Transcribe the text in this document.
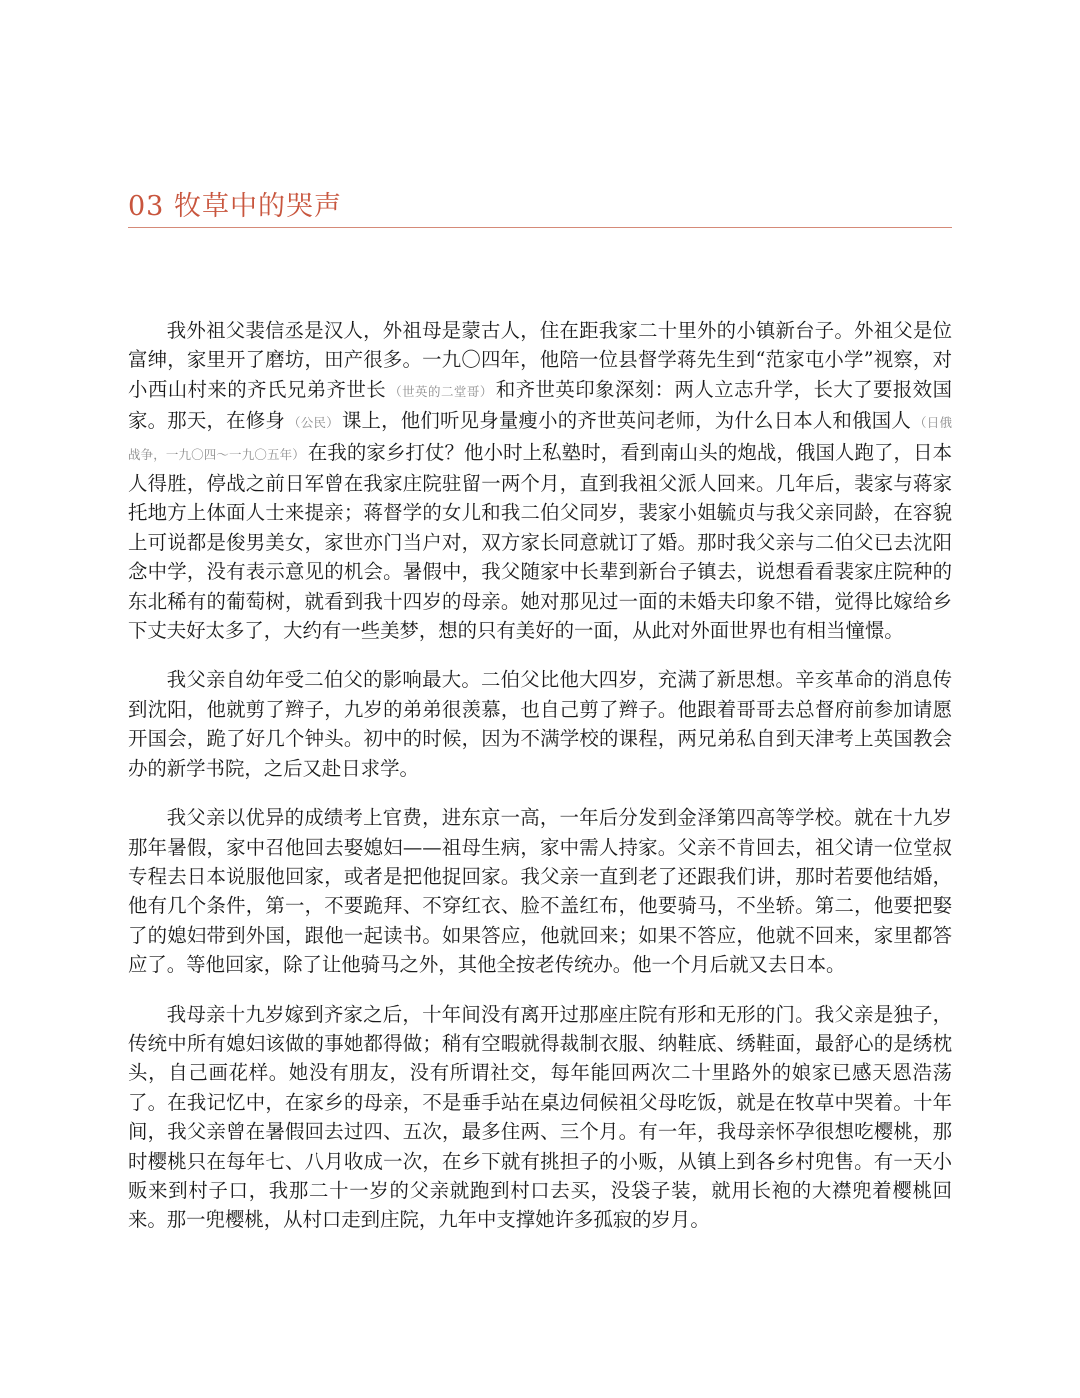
03 牧草中的哭声

我外祖父裴信丞是汉人，外祖母是蒙古人，住在距我家二十里外的小镇新台子。外祖父是位富绅，家里开了磨坊，田产很多。一九〇四年，他陪一位县督学蒋先生到“范家屯小学”视察，对小西山村来的齐氏兄弟齐世长 （世英的二堂哥） 和齐世英印象深刻：两人立志升学，长大了要报效国家。那天，在修身 （公民） 课上，他们听见身量瘦小的齐世英问老师，为什么日本人和俄国人 （日俄战争，一九〇四～一九〇五年） 在我的家乡打仗？他小时上私塾时，看到南山头的炮战，俄国人跑了，日本人得胜，停战之前日军曾在我家庄院驻留一两个月，直到我祖父派人回来。几年后，裴家与蒋家托地方上体面人士来提亲；蒋督学的女儿和我二伯父同岁，裴家小姐毓贞与我父亲同龄，在容貌上可说都是俊男美女，家世亦门当户对，双方家长同意就订了婚。那时我父亲与二伯父已去沈阳念中学，没有表示意见的机会。暑假中，我父随家中长辈到新台子镇去，说想看看裴家庄院种的东北稀有的葡萄树，就看到我十四岁的母亲。她对那见过一面的未婚夫印象不错，觉得比嫁给乡下丈夫好太多了，大约有一些美梦，想的只有美好的一面，从此对外面世界也有相当憧憬。

我父亲自幼年受二伯父的影响最大。二伯父比他大四岁，充满了新思想。辛亥革命的消息传到沈阳，他就剪了辫子，九岁的弟弟很羡慕，也自己剪了辫子。他跟着哥哥去总督府前参加请愿开国会，跪了好几个钟头。初中的时候，因为不满学校的课程，两兄弟私自到天津考上英国教会办的新学书院，之后又赴日求学。

我父亲以优异的成绩考上官费，进东京一高，一年后分发到金泽第四高等学校。就在十九岁那年暑假，家中召他回去娶媳妇——祖母生病，家中需人持家。父亲不肯回去，祖父请一位堂叔专程去日本说服他回家，或者是把他捉回家。我父亲一直到老了还跟我们讲，那时若要他结婚，他有几个条件，第一，不要跪拜、不穿红衣、脸不盖红布，他要骑马，不坐轿。第二，他要把娶了的媳妇带到外国，跟他一起读书。如果答应，他就回来；如果不答应，他就不回来，家里都答应了。等他回家，除了让他骑马之外，其他全按老传统办。他一个月后就又去日本。

我母亲十九岁嫁到齐家之后，十年间没有离开过那座庄院有形和无形的门。我父亲是独子，传统中所有媳妇该做的事她都得做；稍有空暇就得裁制衣服、纳鞋底、绣鞋面，最舒心的是绣枕头，自己画花样。她没有朋友，没有所谓社交，每年能回两次二十里路外的娘家已感天恩浩荡了。在我记忆中，在家乡的母亲，不是垂手站在桌边伺候祖父母吃饭，就是在牧草中哭着。十年间，我父亲曾在暑假回去过四、五次，最多住两、三个月。有一年，我母亲怀孕很想吃樱桃，那时樱桃只在每年七、八月收成一次，在乡下就有挑担子的小贩，从镇上到各乡村兜售。有一天小贩来到村子口，我那二十一岁的父亲就跑到村口去买，没袋子装，就用长袍的大襟兜着樱桃回来。那一兜樱桃，从村口走到庄院，九年中支撑她许多孤寂的岁月。
